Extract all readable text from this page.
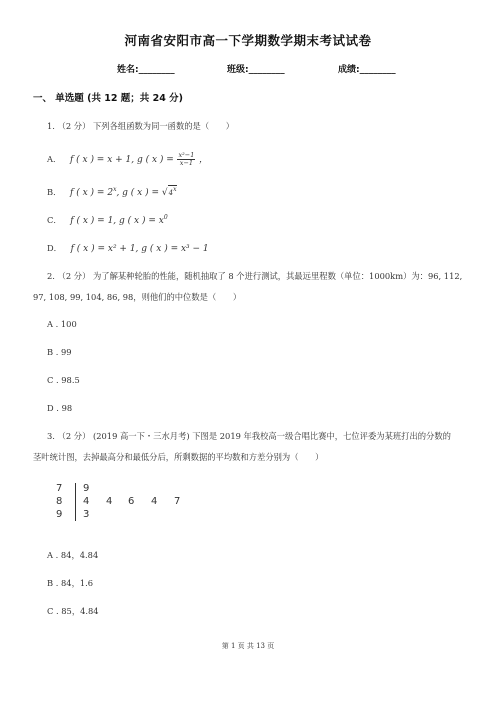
河南省安阳市高一下学期数学期末考试试卷
姓名:________	班级:________	成绩:________
一、 单选题 (共 12 题；共 24 分)
1. （2 分） 下列各组函数为同一函数的是（　　）
A． f ( x ) = x + 1, g ( x ) = $\frac{\text{x²−1}}{x-1}$ ，
B． f ( x ) = $2^x$, g ( x ) = √4x
C． f ( x ) = 1, g ( x ) = $x^0$
D． f ( x ) = x² + 1, g ( x ) = x³ − 1
2. （2 分） 为了解某种轮胎的性能，随机抽取了 8 个进行测试，其最远里程数（单位：1000km）为：96, 112,
97, 108, 99, 104, 86, 98，则他们的中位数是（　　）
A . 100
B . 99
C . 98.5
D . 98
3. （2 分） (2019 高一下・三水月考) 下图是 2019 年我校高一级合唱比赛中，七位评委为某班打出的分数的
茎叶统计图，去掉最高分和最低分后，所剩数据的平均数和方差分别为（　　）
7 9
8 4 4 6 4 7
9 3
A . 84，4.84
B . 84，1.6
C . 85，4.84
第 1 页 共 13 页
